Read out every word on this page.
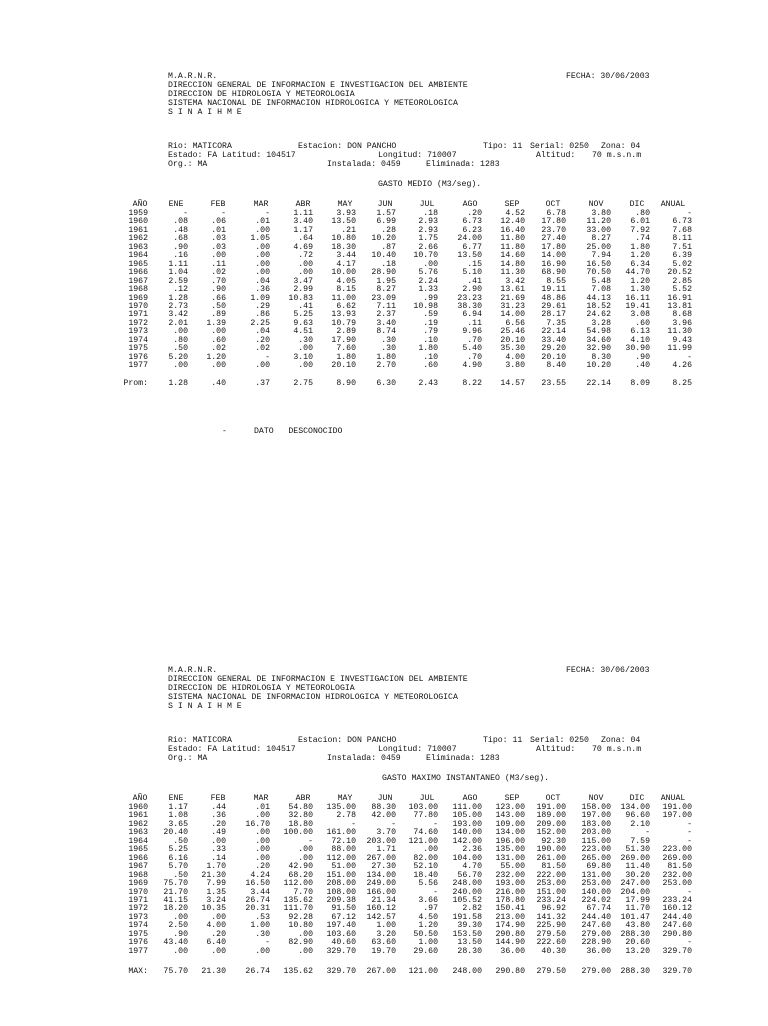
M.A.R.N.R.	FECHA: 30/06/2003
DIRECCION GENERAL DE INFORMACION E INVESTIGACION DEL AMBIENTE
DIRECCION DE HIDROLOGIA Y METEOROLOGIA
SISTEMA NACIONAL DE INFORMACION HIDROLOGICA Y METEOROLOGICA
S I N A I H M E
Rio: MATICORA	Estacion: DON PANCHO	Tipo: 11 Serial: 0250 Zona: 04
Estado: FA Latitud: 104517	Longitud: 710007	Altitud: 70 m.s.n.m
Org.: MA	Instalada: 0459	Eliminada: 1283
GASTO MEDIO (M3/seg).
AÑO	ENE	FEB	MAR	ABR	MAY	JUN	JUL	AGO	SEP	OCT	NOV	DIC	ANUAL
1959	-	-	-	1.11	3.93	1.57	.18	.20	4.52	6.78	3.80	.80	-
1960	.08	.06	.01	3.40	13.50	6.99	2.93	6.73	12.40	17.80	11.20	6.01	6.73
1961	.48	.01	.00	1.17	.21	.28	2.93	6.23	16.40	23.70	33.00	7.92	7.68
1962	.68	.03	1.05	.64	10.80	10.20	1.75	24.00	11.80	27.40	8.27	.74	8.11
1963	.90	.03	.00	4.69	18.30	.87	2.66	6.77	11.80	17.80	25.00	1.80	7.51
1964	.16	.00	.00	.72	3.44	10.40	10.70	13.50	14.60	14.00	7.94	1.20	6.39
1965	1.11	.11	.00	.00	4.17	.18	.00	.15	14.80	16.90	16.50	6.34	5.02
1966	1.04	.02	.00	.00	10.00	28.90	5.76	5.10	11.30	68.90	70.50	44.70	20.52
1967	2.59	.70	.04	3.47	4.05	1.95	2.24	.41	3.42	8.55	5.48	1.20	2.85
1968	.12	.90	.36	2.99	8.15	8.27	1.33	2.90	13.61	19.11	7.08	1.30	5.52
1969	1.28	.66	1.09	10.83	11.00	23.09	.99	23.23	21.69	48.86	44.13	16.11	16.91
1970	2.73	.50	.29	.41	6.62	7.11	10.98	38.30	31.23	29.61	18.52	19.41	13.81
1971	3.42	.89	.86	5.25	13.93	2.37	.59	6.94	14.00	28.17	24.62	3.08	8.68
1972	2.01	1.39	2.25	9.63	10.79	3.40	.19	.11	6.56	7.35	3.28	.60	3.96
1973	.00	.00	.04	4.51	2.89	8.74	.79	9.96	25.46	22.14	54.98	6.13	11.30
1974	.80	.60	.20	.30	17.90	.30	.10	.70	20.10	33.40	34.60	4.10	9.43
1975	.50	.02	.02	.00	7.60	.30	1.80	5.40	35.30	29.20	32.90	30.90	11.99
1976	5.20	1.20	-	3.10	1.80	1.80	.10	.70	4.00	20.10	8.30	.90	-
1977	.00	.00	.00	.00	20.10	2.70	.60	4.90	3.80	8.40	10.20	.40	4.26
Prom:	1.28	.40	.37	2.75	8.90	6.30	2.43	8.22	14.57	23.55	22.14	8.09	8.25
-	DATO   DESCONOCIDO
M.A.R.N.R.	FECHA: 30/06/2003
DIRECCION GENERAL DE INFORMACION E INVESTIGACION DEL AMBIENTE
DIRECCION DE HIDROLOGIA Y METEOROLOGIA
SISTEMA NACIONAL DE INFORMACION HIDROLOGICA Y METEOROLOGICA
S I N A I H M E
Rio: MATICORA	Estacion: DON PANCHO	Tipo: 11 Serial: 0250 Zona: 04
Estado: FA Latitud: 104517	Longitud: 710007	Altitud: 70 m.s.n.m
Org.: MA	Instalada: 0459	Eliminada: 1283
GASTO MAXIMO INSTANTANEO (M3/seg).
AÑO	ENE	FEB	MAR	ABR	MAY	JUN	JUL	AGO	SEP	OCT	NOV	DIC	ANUAL
1960	1.17	.44	.01	54.80	135.00	88.30	103.00	111.00	123.00	191.00	158.00	134.00	191.00
1961	1.08	.36	.00	32.80	2.78	42.00	77.80	105.00	143.00	189.00	197.00	96.60	197.00
1962	3.65	.20	16.70	18.80	-	-	-	193.00	109.00	209.00	183.00	2.10	-
1963	20.40	.49	.00	100.00	161.00	3.70	74.60	140.00	134.00	152.00	203.00	-	-
1964	.50	.00	.00	-	72.10	203.00	121.00	142.00	196.00	92.30	115.00	7.59	-
1965	5.25	.33	.00	.00	88.00	1.71	.00	2.36	135.00	190.00	223.00	51.30	223.00
1966	6.16	.14	.00	.00	112.00	267.00	82.00	104.00	131.00	261.00	265.00	269.00	269.00
1967	5.70	1.70	.20	42.90	51.00	27.30	52.10	4.70	55.00	81.50	69.80	11.40	81.50
1968	.50	21.30	4.24	68.20	151.00	134.00	18.40	56.70	232.00	222.00	131.00	30.20	232.00
1969	75.70	7.99	16.50	112.00	208.00	249.00	5.56	248.00	193.00	253.00	253.00	247.00	253.00
1970	21.70	1.35	3.44	7.70	108.00	166.00	-	240.00	216.00	151.00	140.00	204.00	-
1971	41.15	3.24	26.74	135.62	209.38	21.34	3.66	105.52	178.80	233.24	224.02	17.99	233.24
1972	18.20	10.35	20.31	111.70	91.50	160.12	.97	2.82	150.41	96.92	67.74	11.70	160.12
1973	.00	.00	.53	92.28	67.12	142.57	4.50	191.58	213.00	141.32	244.40	101.47	244.40
1974	2.50	4.00	1.00	10.80	197.40	1.00	1.20	39.30	174.90	225.90	247.60	43.80	247.60
1975	.90	.20	.30	.00	103.60	3.20	50.50	153.50	290.80	279.50	279.00	288.30	290.80
1976	43.40	6.40	-	82.90	40.60	63.60	1.00	13.50	144.90	222.60	228.90	20.60	-
1977	.00	.00	.00	.00	329.70	19.70	29.60	28.30	36.00	40.30	36.00	13.20	329.70
MAX:	75.70	21.30	26.74	135.62	329.70	267.00	121.00	248.00	290.80	279.50	279.00	288.30	329.70
